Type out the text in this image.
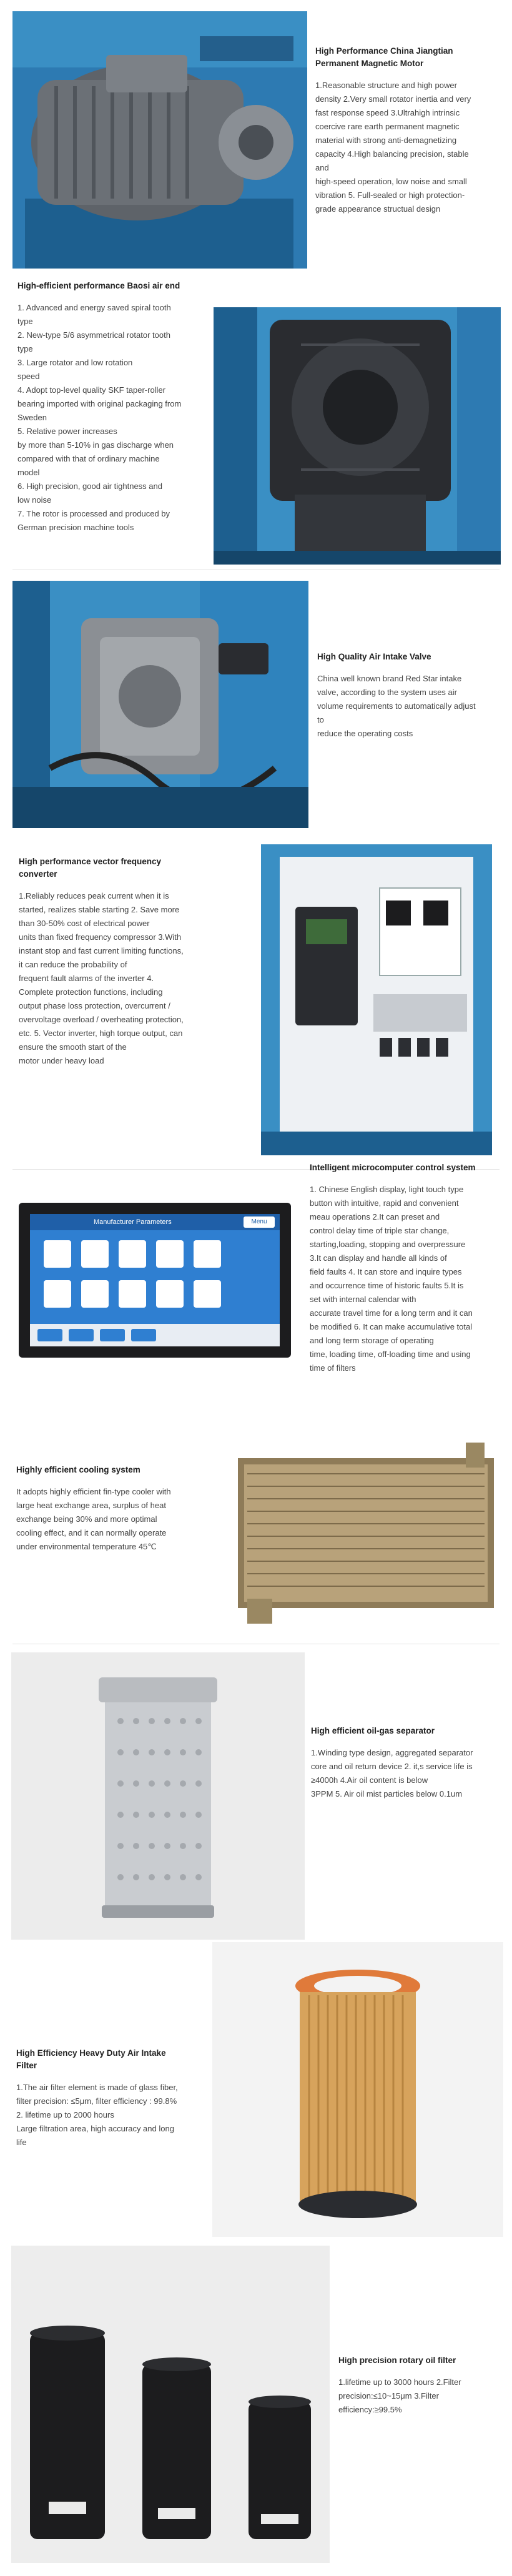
High Performance China Jiangtian
Permanent Magnetic Motor
1.Reasonable structure and high power
density 2.Very small rotator inertia and very
fast response speed 3.Ultrahigh intrinsic
coercive rare earth permanent magnetic
material with strong anti-demagnetizing
capacity 4.High balancing precision, stable
and
high-speed operation, low noise and small
vibration 5. Full-sealed or high protection-
grade appearance structual design
High-efficient performance Baosi air end
1. Advanced and energy saved spiral tooth
type
2. New-type 5/6 asymmetrical rotator tooth
type
3. Large rotator and low rotation
speed
4. Adopt top-level quality SKF taper-roller
bearing imported with original packaging from
Sweden
5. Relative power increases
by more than 5-10% in gas discharge when
compared with that of ordinary machine
model
6. High precision, good air tightness and
low noise
7. The rotor is processed and produced by
German precision machine tools
High Quality Air Intake Valve
China well known brand Red Star intake
valve, according to the system uses air
volume requirements to automatically adjust
to
reduce the operating costs
High performance vector frequency
converter
1.Reliably reduces peak current when it is
started, realizes stable starting 2. Save more
than 30-50% cost of electrical power
units than fixed frequency compressor 3.With
instant stop and fast current limiting functions,
it can reduce the probability of
frequent fault alarms of the inverter 4.
Complete protection functions, including
output phase loss protection, overcurrent /
overvoltage overload / overheating protection,
etc. 5. Vector inverter, high torque output, can
ensure the smooth start of the
motor under heavy load
Manufacturer Parameters	Menu
Intelligent microcomputer control system
1. Chinese English display, light touch type
button with intuitive, rapid and convenient
meau operations 2.It can preset and
control delay time of triple star change,
starting,loading, stopping and overpressure
3.It can display and handle all kinds of
field faults 4. It can store and inquire types
and occurrence time of historic faults 5.It is
set with internal calendar with
accurate travel time for a long term and it can
be modified 6. It can make accumulative total
and long term storage of operating
time, loading time, off-loading time and using
time of filters
Highly efficient cooling system
It adopts highly efficient fin-type cooler with
large heat exchange area, surplus of heat
exchange being 30% and more optimal
cooling effect, and it can normally operate
under environmental temperature 45℃
High efficient oil-gas separator
1.Winding type design, aggregated separator
core and oil return device 2. it,s service life is
≥4000h 4.Air oil content is below
3PPM 5. Air oil mist particles below 0.1um
High Efficiency Heavy Duty Air Intake
Filter
1.The air filter element is made of glass fiber,
filter precision: ≤5μm, filter efficiency : 99.8%
2. lifetime up to 2000 hours
Large filtration area, high accuracy and long
life
High precision rotary oil filter
1.lifetime up to 3000 hours 2.Filter
precision:≤10~15μm 3.Filter
efficiency:≥99.5%
